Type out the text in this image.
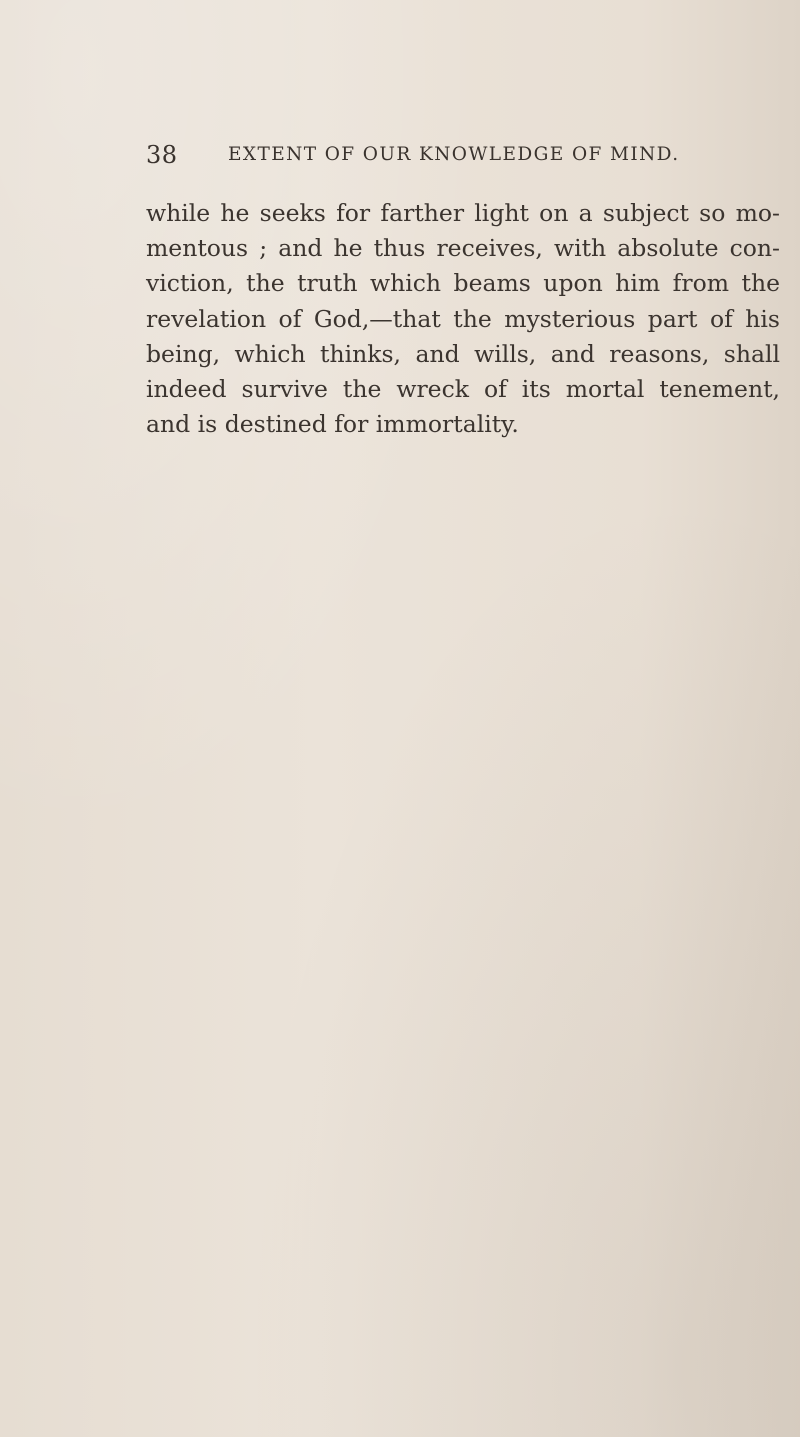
38	EXTENT OF OUR KNOWLEDGE OF MIND.
while he seeks for farther light on a subject so mo-
mentous ; and he thus receives, with absolute con-
viction, the truth which beams upon him from the
revelation of God,—that the mysterious part of his
being, which thinks, and wills, and reasons, shall
indeed survive the wreck of its mortal tenement,
and is destined for immortality.
